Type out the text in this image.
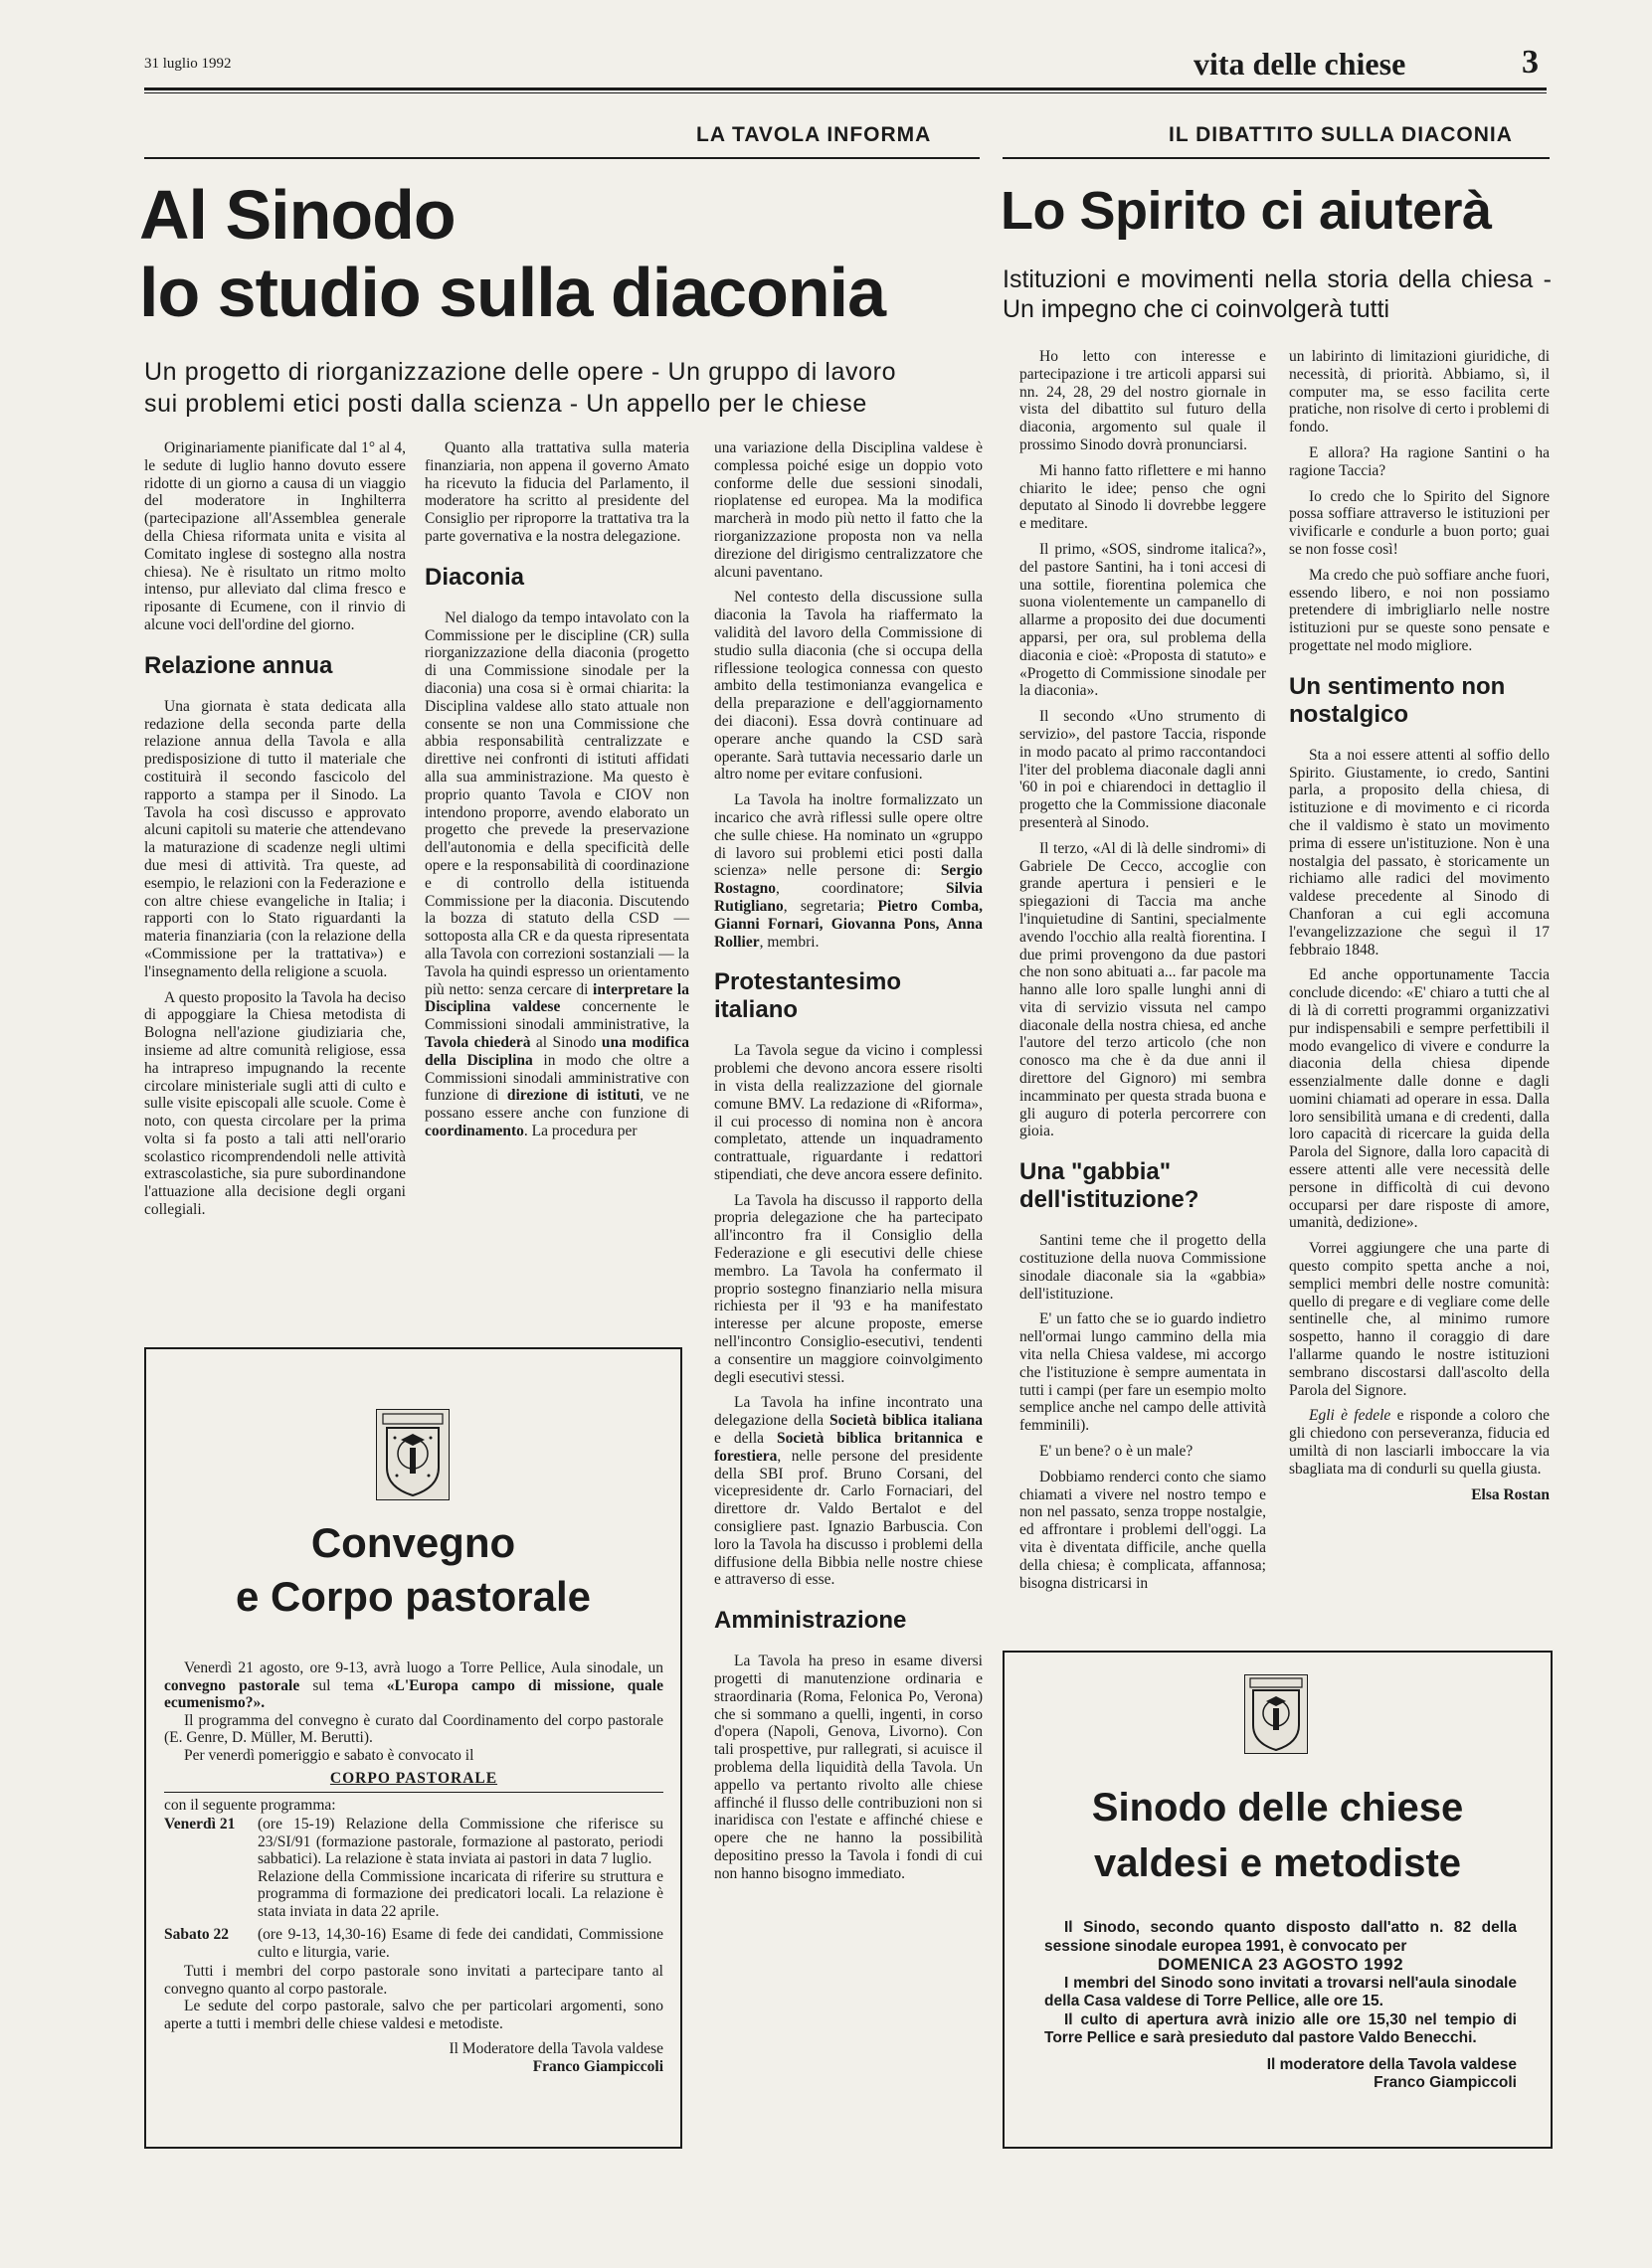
31 luglio 1992	vita delle chiese	3
LA TAVOLA INFORMA
Al Sinodo
lo studio sulla diaconia
Un progetto di riorganizzazione delle opere - Un gruppo di lavoro
sui problemi etici posti dalla scienza - Un appello per le chiese

Originariamente pianificate dal 1° al 4, le sedute di luglio hanno dovuto essere ridotte di un giorno a causa di un viaggio del moderatore in Inghilterra (partecipazione all'Assemblea generale della Chiesa riformata unita e visita al Comitato inglese di sostegno alla nostra chiesa). Ne è risultato un ritmo molto intenso, pur alleviato dal clima fresco e riposante di Ecumene, con il rinvio di alcune voci dell'ordine del giorno.

Relazione annua

Una giornata è stata dedicata alla redazione della seconda parte della relazione annua della Tavola e alla predisposizione di tutto il materiale che costituirà il secondo fascicolo del rapporto a stampa per il Sinodo. La Tavola ha così discusso e approvato alcuni capitoli su materie che attendevano la maturazione di scadenze negli ultimi due mesi di attività. Tra queste, ad esempio, le relazioni con la Federazione e con altre chiese evangeliche in Italia; i rapporti con lo Stato riguardanti la materia finanziaria (con la relazione della «Commissione per la trattativa») e l'insegnamento della religione a scuola.

A questo proposito la Tavola ha deciso di appoggiare la Chiesa metodista di Bologna nell'azione giudiziaria che, insieme ad altre comunità religiose, essa ha intrapreso impugnando la recente circolare ministeriale sugli atti di culto e sulle visite episcopali alle scuole. Come è noto, con questa circolare per la prima volta si fa posto a tali atti nell'orario scolastico ricomprendendoli nelle attività extrascolastiche, sia pure subordinandone l'attuazione alla decisione degli organi collegiali.

Quanto alla trattativa sulla materia finanziaria, non appena il governo Amato ha ricevuto la fiducia del Parlamento, il moderatore ha scritto al presidente del Consiglio per riproporre la trattativa tra la parte governativa e la nostra delegazione.

Diaconia

Nel dialogo da tempo intavolato con la Commissione per le discipline (CR) sulla riorganizzazione della diaconia (progetto di una Commissione sinodale per la diaconia) una cosa si è ormai chiarita: la Disciplina valdese allo stato attuale non consente se non una Commissione che abbia responsabilità centralizzate e direttive nei confronti di istituti affidati alla sua amministrazione. Ma questo è proprio quanto Tavola e CIOV non intendono proporre, avendo elaborato un progetto che prevede la preservazione dell'autonomia e della specificità delle opere e la responsabilità di coordinazione e di controllo della istituenda Commissione per la diaconia. Discutendo la bozza di statuto della CSD — sottoposta alla CR e da questa ripresentata alla Tavola con correzioni sostanziali — la Tavola ha quindi espresso un orientamento più netto: senza cercare di interpretare la Disciplina valdese concernente le Commissioni sinodali amministrative, la Tavola chiederà al Sinodo una modifica della Disciplina in modo che oltre a Commissioni sinodali amministrative con funzione di direzione di istituti, ve ne possano essere anche con funzione di coordinamento. La procedura per

una variazione della Disciplina valdese è complessa poiché esige un doppio voto conforme delle due sessioni sinodali, rioplatense ed europea. Ma la modifica marcherà in modo più netto il fatto che la riorganizzazione proposta non va nella direzione del dirigismo centralizzatore che alcuni paventano.

Nel contesto della discussione sulla diaconia la Tavola ha riaffermato la validità del lavoro della Commissione di studio sulla diaconia (che si occupa della riflessione teologica connessa con questo ambito della testimonianza evangelica e della preparazione e dell'aggiornamento dei diaconi). Essa dovrà continuare ad operare anche quando la CSD sarà operante. Sarà tuttavia necessario darle un altro nome per evitare confusioni.

La Tavola ha inoltre formalizzato un incarico che avrà riflessi sulle opere oltre che sulle chiese. Ha nominato un «gruppo di lavoro sui problemi etici posti dalla scienza» nelle persone di: Sergio Rostagno, coordinatore; Silvia Rutigliano, segretaria; Pietro Comba, Gianni Fornari, Giovanna Pons, Anna Rollier, membri.

Protestantesimo italiano

La Tavola segue da vicino i complessi problemi che devono ancora essere risolti in vista della realizzazione del giornale comune BMV. La redazione di «Riforma», il cui processo di nomina non è ancora completato, attende un inquadramento contrattuale, riguardante i redattori stipendiati, che deve ancora essere definito.

La Tavola ha discusso il rapporto della propria delegazione che ha partecipato all'incontro fra il Consiglio della Federazione e gli esecutivi delle chiese membro. La Tavola ha confermato il proprio sostegno finanziario nella misura richiesta per il '93 e ha manifestato interesse per alcune proposte, emerse nell'incontro Consiglio-esecutivi, tendenti a consentire un maggiore coinvolgimento degli esecutivi stessi.

La Tavola ha infine incontrato una delegazione della Società biblica italiana e della Società biblica britannica e forestiera, nelle persone del presidente della SBI prof. Bruno Corsani, del vicepresidente dr. Carlo Fornaciari, del direttore dr. Valdo Bertalot e del consigliere past. Ignazio Barbuscia. Con loro la Tavola ha discusso i problemi della diffusione della Bibbia nelle nostre chiese e attraverso di esse.

Amministrazione

La Tavola ha preso in esame diversi progetti di manutenzione ordinaria e straordinaria (Roma, Felonica Po, Verona) che si sommano a quelli, ingenti, in corso d'opera (Napoli, Genova, Livorno). Con tali prospettive, pur rallegrati, si acuisce il problema della liquidità della Tavola. Un appello va pertanto rivolto alle chiese affinché il flusso delle contribuzioni non si inaridisca con l'estate e affinché chiese e opere che ne hanno la possibilità depositino presso la Tavola i fondi di cui non hanno bisogno immediato.

IL DIBATTITO SULLA DIACONIA
Lo Spirito ci aiuterà
Istituzioni e movimenti nella storia della chiesa - Un impegno che ci coinvolgerà tutti

Ho letto con interesse e partecipazione i tre articoli apparsi sui nn. 24, 28, 29 del nostro giornale in vista del dibattito sul futuro della diaconia, argomento sul quale il prossimo Sinodo dovrà pronunciarsi.

Mi hanno fatto riflettere e mi hanno chiarito le idee; penso che ogni deputato al Sinodo li dovrebbe leggere e meditare.

Il primo, «SOS, sindrome italica?», del pastore Santini, ha i toni accesi di una sottile, fiorentina polemica che suona violentemente un campanello di allarme a proposito dei due documenti apparsi, per ora, sul problema della diaconia e cioè: «Proposta di statuto» e «Progetto di Commissione sinodale per la diaconia».

Il secondo «Uno strumento di servizio», del pastore Taccia, risponde in modo pacato al primo raccontandoci l'iter del problema diaconale dagli anni '60 in poi e chiarendoci in dettaglio il progetto che la Commissione diaconale presenterà al Sinodo.

Il terzo, «Al di là delle sindromi» di Gabriele De Cecco, accoglie con grande apertura i pensieri e le spiegazioni di Taccia ma anche l'inquietudine di Santini, specialmente avendo l'occhio alla realtà fiorentina. I due primi provengono da due pastori che non sono abituati a... far pacole ma hanno alle loro spalle lunghi anni di vita di servizio vissuta nel campo diaconale della nostra chiesa, ed anche l'autore del terzo articolo (che non conosco ma che è da due anni il direttore del Gignoro) mi sembra incamminato per questa strada buona e gli auguro di poterla percorrere con gioia.

Una "gabbia" dell'istituzione?

Santini teme che il progetto della costituzione della nuova Commissione sinodale diaconale sia la «gabbia» dell'istituzione.

E' un fatto che se io guardo indietro nell'ormai lungo cammino della mia vita nella Chiesa valdese, mi accorgo che l'istituzione è sempre aumentata in tutti i campi (per fare un esempio molto semplice anche nel campo delle attività femminili).

E' un bene? o è un male?

Dobbiamo renderci conto che siamo chiamati a vivere nel nostro tempo e non nel passato, senza troppe nostalgie, ed affrontare i problemi dell'oggi. La vita è diventata difficile, anche quella della chiesa; è complicata, affannosa; bisogna districarsi in

un labirinto di limitazioni giuridiche, di necessità, di priorità. Abbiamo, sì, il computer ma, se esso facilita certe pratiche, non risolve di certo i problemi di fondo.

E allora? Ha ragione Santini o ha ragione Taccia?

Io credo che lo Spirito del Signore possa soffiare attraverso le istituzioni per vivificarle e condurle a buon porto; guai se non fosse così!

Ma credo che può soffiare anche fuori, essendo libero, e noi non possiamo pretendere di imbrigliarlo nelle nostre istituzioni pur se queste sono pensate e progettate nel modo migliore.

Un sentimento non nostalgico

Sta a noi essere attenti al soffio dello Spirito. Giustamente, io credo, Santini parla, a proposito della chiesa, di istituzione e di movimento e ci ricorda che il valdismo è stato un movimento prima di essere un'istituzione. Non è una nostalgia del passato, è storicamente un richiamo alle radici del movimento valdese precedente al Sinodo di Chanforan a cui egli accomuna l'evangelizzazione che seguì il 17 febbraio 1848.

Ed anche opportunamente Taccia conclude dicendo: «E' chiaro a tutti che al di là di corretti programmi organizzativi pur indispensabili e sempre perfettibili il modo evangelico di vivere e condurre la diaconia della chiesa dipende essenzialmente dalle donne e dagli uomini chiamati ad operare in essa. Dalla loro sensibilità umana e di credenti, dalla loro capacità di ricercare la guida della Parola del Signore, dalla loro capacità di essere attenti alle vere necessità delle persone in difficoltà di cui devono occuparsi per dare risposte di amore, umanità, dedizione».

Vorrei aggiungere che una parte di questo compito spetta anche a noi, semplici membri delle nostre comunità: quello di pregare e di vegliare come delle sentinelle che, al minimo rumore sospetto, hanno il coraggio di dare l'allarme quando le nostre istituzioni sembrano discostarsi dall'ascolto della Parola del Signore.

Egli è fedele e risponde a coloro che gli chiedono con perseveranza, fiducia ed umiltà di non lasciarli imboccare la via sbagliata ma di condurli su quella giusta.

Elsa Rostan

Convegno
e Corpo pastorale

Venerdì 21 agosto, ore 9-13, avrà luogo a Torre Pellice, Aula sinodale, un convegno pastorale sul tema «L'Europa campo di missione, quale ecumenismo?».

Il programma del convegno è curato dal Coordinamento del corpo pastorale (E. Genre, D. Müller, M. Berutti).

Per venerdì pomeriggio e sabato è convocato il

CORPO PASTORALE

con il seguente programma:

Venerdì 21	(ore 15-19) Relazione della Commissione che riferisce su 23/SI/91 (formazione pastorale, formazione al pastorato, periodi sabbatici). La relazione è stata inviata ai pastori in data 7 luglio.

Relazione della Commissione incaricata di riferire su struttura e programma di formazione dei predicatori locali. La relazione è stata inviata in data 22 aprile.

Sabato 22	(ore 9-13, 14,30-16) Esame di fede dei candidati, Commissione culto e liturgia, varie.

Tutti i membri del corpo pastorale sono invitati a partecipare tanto al convegno quanto al corpo pastorale.

Le sedute del corpo pastorale, salvo che per particolari argomenti, sono aperte a tutti i membri delle chiese valdesi e metodiste.

Il Moderatore della Tavola valdese

Franco Giampiccoli

Sinodo delle chiese
valdesi e metodiste

Il Sinodo, secondo quanto disposto dall'atto n. 82 della sessione sinodale europea 1991, è convocato per

DOMENICA 23 AGOSTO 1992

I membri del Sinodo sono invitati a trovarsi nell'aula sinodale della Casa valdese di Torre Pellice, alle ore 15.

Il culto di apertura avrà inizio alle ore 15,30 nel tempio di Torre Pellice e sarà presieduto dal pastore Valdo Benecchi.

Il moderatore della Tavola valdese

Franco Giampiccoli
